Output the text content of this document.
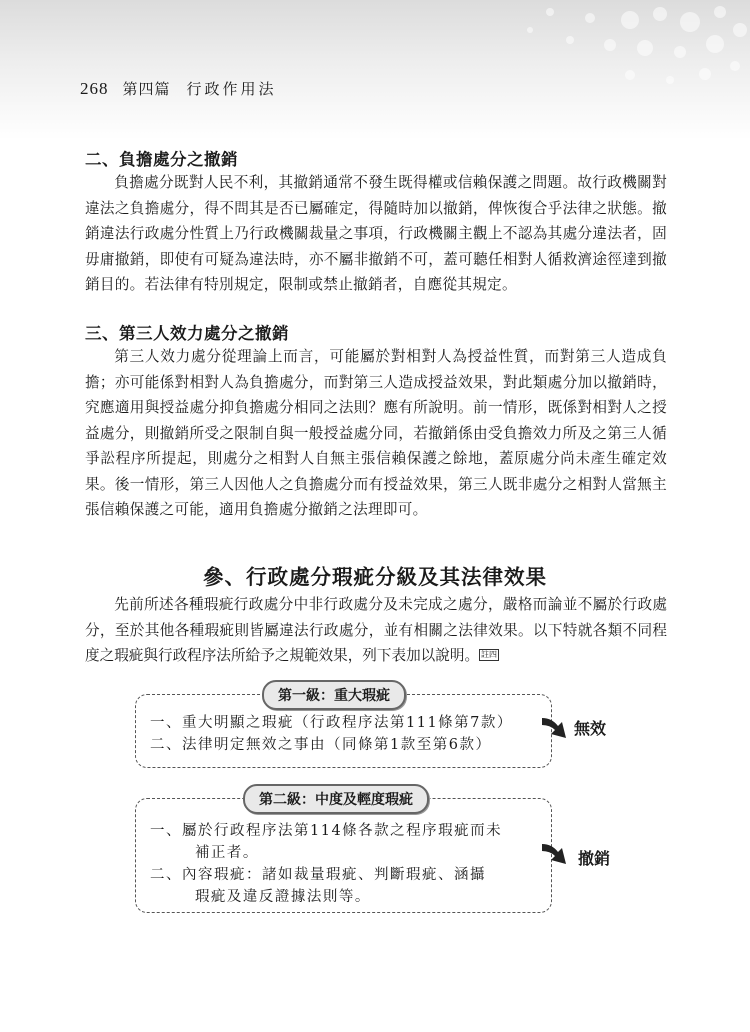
268 第四篇 行政作用法
二、負擔處分之撤銷
負擔處分既對人民不利，其撤銷通常不發生既得權或信賴保護之問題。故行政機關對違法之負擔處分，得不問其是否已屬確定，得隨時加以撤銷，俾恢復合乎法律之狀態。撤銷違法行政處分性質上乃行政機關裁量之事項，行政機關主觀上不認為其處分違法者，固毋庸撤銷，即使有可疑為違法時，亦不屬非撤銷不可，蓋可聽任相對人循救濟途徑達到撤銷目的。若法律有特別規定，限制或禁止撤銷者，自應從其規定。
三、第三人效力處分之撤銷
第三人效力處分從理論上而言，可能屬於對相對人為授益性質，而對第三人造成負擔；亦可能係對相對人為負擔處分，而對第三人造成授益效果，對此類處分加以撤銷時，究應適用與授益處分抑負擔處分相同之法則？應有所說明。前一情形，既係對相對人之授益處分，則撤銷所受之限制自與一般授益處分同，若撤銷係由受負擔效力所及之第三人循爭訟程序所提起，則處分之相對人自無主張信賴保護之餘地，蓋原處分尚未產生確定效果。後一情形，第三人因他人之負擔處分而有授益效果，第三人既非處分之相對人當無主張信賴保護之可能，適用負擔處分撤銷之法理即可。
參、行政處分瑕疵分級及其法律效果
先前所述各種瑕疵行政處分中非行政處分及未完成之處分，嚴格而論並不屬於行政處分，至於其他各種瑕疵則皆屬違法行政處分，並有相關之法律效果。以下特就各類不同程度之瑕疵與行政程序法所給予之規範效果，列下表加以說明。 註四
第一級：重大瑕疵
一、重大明顯之瑕疵（行政程序法第111條第7款）
二、法律明定無效之事由（同條第1款至第6款）
無效
第二級：中度及輕度瑕疵
一、屬於行政程序法第114條各款之程序瑕疵而未
補正者。
二、內容瑕疵：諸如裁量瑕疵、判斷瑕疵、涵攝
瑕疵及違反證據法則等。
撤銷
